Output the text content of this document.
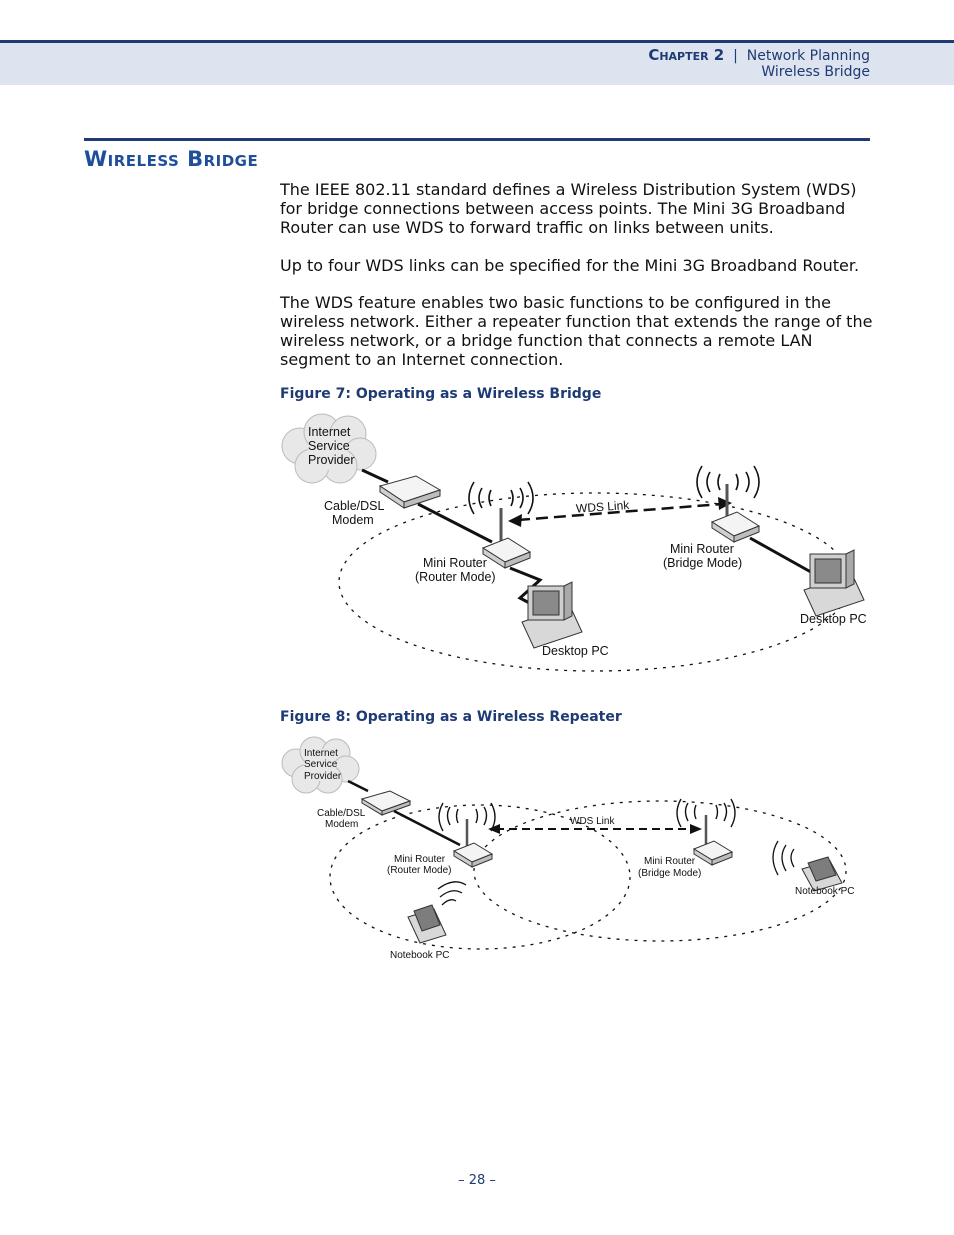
Chapter 2 | Network Planning
Wireless Bridge
Wireless Bridge
The IEEE 802.11 standard defines a Wireless Distribution System (WDS) for bridge connections between access points. The Mini 3G Broadband Router can use WDS to forward traffic on links between units.
Up to four WDS links can be specified for the Mini 3G Broadband Router.
The WDS feature enables two basic functions to be configured in the wireless network. Either a repeater function that extends the range of the wireless network, or a bridge function that connects a remote LAN segment to an Internet connection.
Figure 7: Operating as a Wireless Bridge
Internet
Service
Provider
Cable/DSL
Modem
Mini Router
(Router Mode)
Desktop PC
WDS Link
Mini Router
(Bridge Mode)
Desktop PC
Figure 8: Operating as a Wireless Repeater
Internet
Service
Provider
Cable/DSL
Modem
Mini Router
(Router Mode)
WDS Link
Mini Router
(Bridge Mode)
Notebook PC
Notebook PC
– 28 –
